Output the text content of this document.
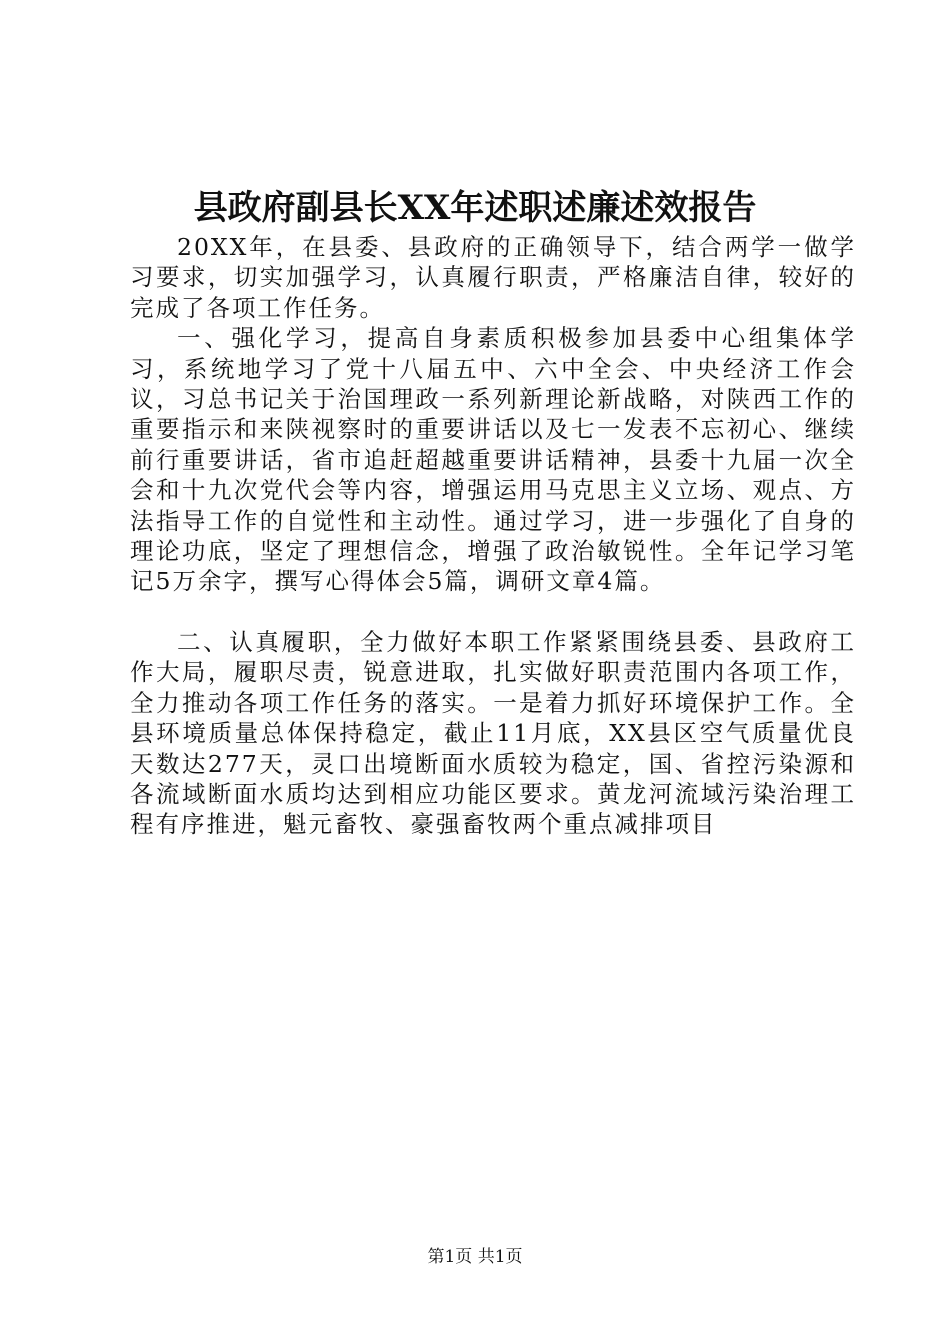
县政府副县长XX年述职述廉述效报告

20XX年，在县委、县政府的正确领导下，结合两学一做学习要求，切实加强学习，认真履行职责，严格廉洁自律，较好的完成了各项工作任务。

一、强化学习，提高自身素质积极参加县委中心组集体学习，系统地学习了党十八届五中、六中全会、中央经济工作会议，习总书记关于治国理政一系列新理论新战略，对陕西工作的重要指示和来陕视察时的重要讲话以及七一发表不忘初心、继续前行重要讲话，省市追赶超越重要讲话精神，县委十九届一次全会和十九次党代会等内容，增强运用马克思主义立场、观点、方法指导工作的自觉性和主动性。通过学习，进一步强化了自身的理论功底，坚定了理想信念，增强了政治敏锐性。全年记学习笔记5万余字，撰写心得体会5篇，调研文章4篇。

二、认真履职，全力做好本职工作紧紧围绕县委、县政府工作大局，履职尽责，锐意进取，扎实做好职责范围内各项工作，全力推动各项工作任务的落实。一是着力抓好环境保护工作。全县环境质量总体保持稳定，截止11月底，XX县区空气质量优良天数达277天，灵口出境断面水质较为稳定，国、省控污染源和各流域断面水质均达到相应功能区要求。黄龙河流域污染治理工程有序推进，魁元畜牧、豪强畜牧两个重点减排项目

第1页 共1页
